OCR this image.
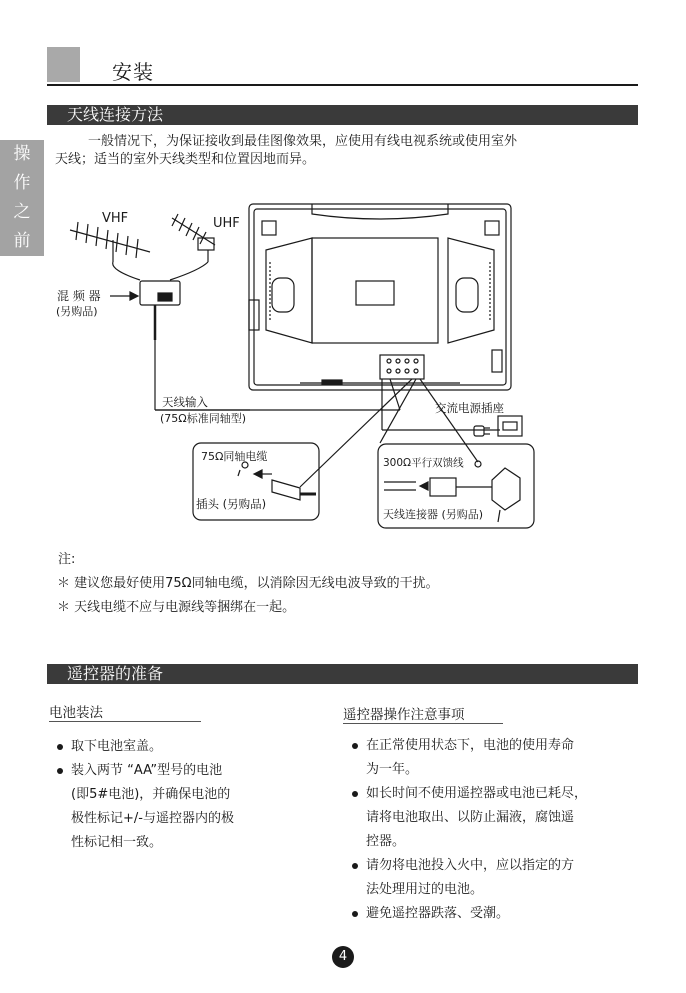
安装
操
作
之
前
天线连接方法
一般情况下，为保证接收到最佳图像效果，应使用有线电视系统或使用室外
天线；适当的室外天线类型和位置因地而异。
VHF	UHF
混 频 器
(另购品)
天线输入
(75Ω标准同轴型)
交流电源插座
75Ω同轴电缆
插头 (另购品)
300Ω平行双馈线
天线连接器 (另购品)
注:
＊ 建议您最好使用75Ω同轴电缆，以消除因无线电波导致的干扰。
＊ 天线电缆不应与电源线等捆绑在一起。
遥控器的准备
电池装法
取下电池室盖。
装入两节 “AA”型号的电池
(即5#电池)，并确保电池的
极性标记+/-与遥控器内的极
性标记相一致。
遥控器操作注意事项
在正常使用状态下，电池的使用寿命
为一年。
如长时间不使用遥控器或电池已耗尽，
请将电池取出、以防止漏液，腐蚀遥
控器。
请勿将电池投入火中，应以指定的方
法处理用过的电池。
避免遥控器跌落、受潮。
4
